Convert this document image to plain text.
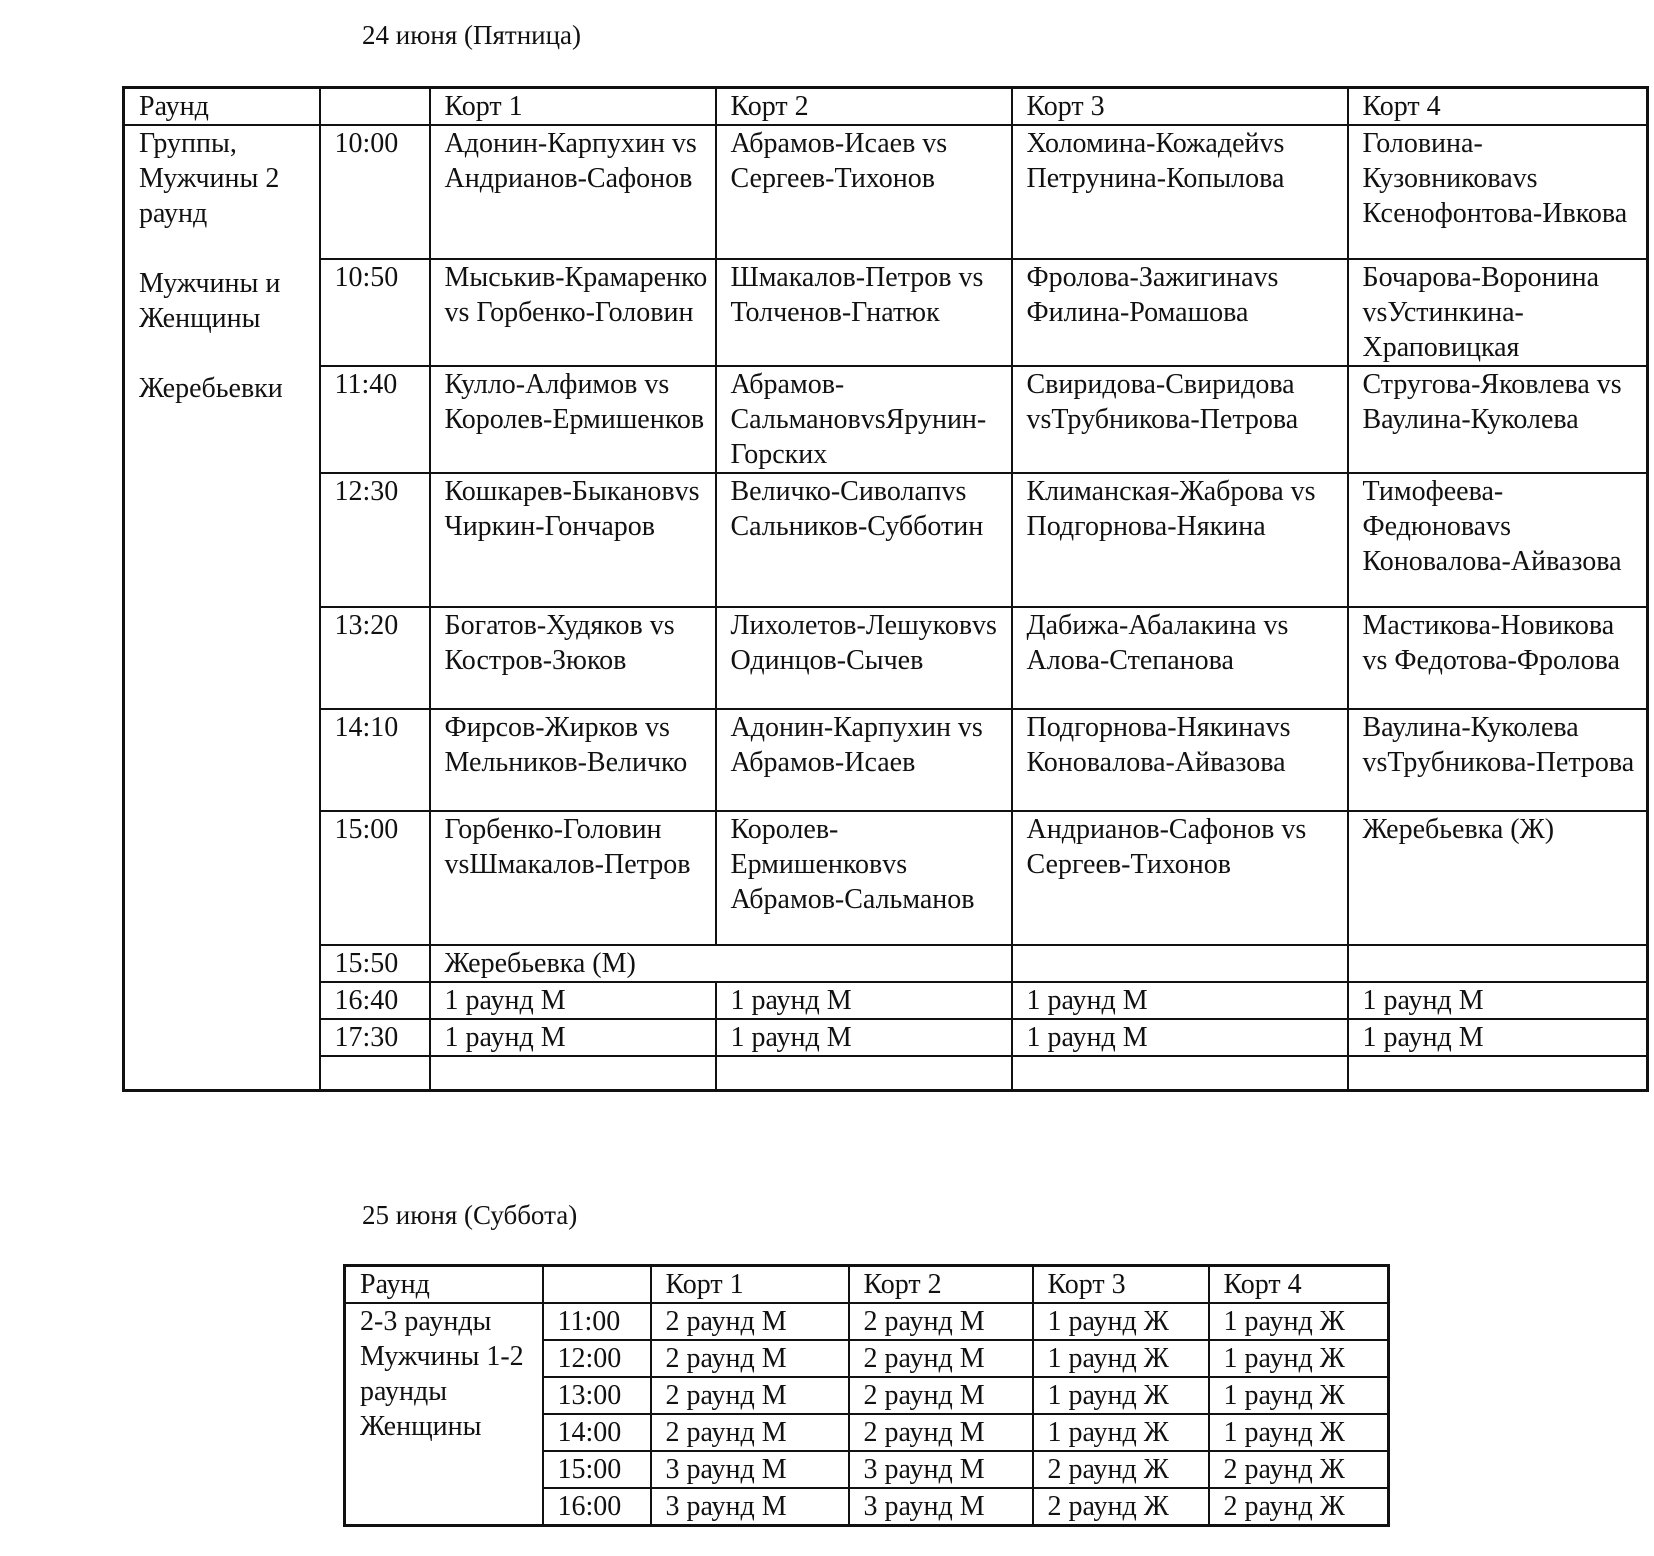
24 июня (Пятница)
Раунд		Корт 1	Корт 2	Корт 3	Корт 4
Группы, Мужчины 2 раунд
Мужчины и Женщины
Жеребьевки	10:00	Адонин-Карпухин vs Андрианов-Сафонов	Абрамов-Исаев vs Сергеев-Тихонов	Холомина-Кожадейvs Петрунина-Копылова	Головина-Кузовниковаvs Ксенофонтова-Ивкова
	10:50	Мыськив-Крамаренко vs Горбенко-Головин	Шмакалов-Петров vs Толченов-Гнатюк	Фролова-Зажигинаvs Филина-Ромашова	Бочарова-Воронина vsУстинкина-Храповицкая
	11:40	Кулло-Алфимов vs Королев-Ермишенков	Абрамов-СальмановvsЯрунин-Горских	Свиридова-Свиридова vsТрубникова-Петрова	Стругова-Яковлева vs Ваулина-Куколева
	12:30	Кошкарев-Быкановvs Чиркин-Гончаров	Величко-Сиволапvs Сальников-Субботин	Климанская-Жаброва vs Подгорнова-Някина	Тимофеева-Федюноваvs Коновалова-Айвазова
	13:20	Богатов-Худяков vs Костров-Зюков	Лихолетов-Лешуковvs Одинцов-Сычев	Дабижа-Абалакина vs Алова-Степанова	Мастикова-Новикова vs Федотова-Фролова
	14:10	Фирсов-Жирков vs Мельников-Величко	Адонин-Карпухин vs Абрамов-Исаев	Подгорнова-Някинаvs Коновалова-Айвазова	Ваулина-Куколева vsТрубникова-Петрова
	15:00	Горбенко-Головин vsШмакалов-Петров	Королев-Ермишенковvs Абрамов-Сальманов	Андрианов-Сафонов vs Сергеев-Тихонов	Жеребьевка (Ж)
	15:50	Жеребьевка (М)			
	16:40	1 раунд М	1 раунд М	1 раунд М	1 раунд М
	17:30	1 раунд М	1 раунд М	1 раунд М	1 раунд М

25 июня (Суббота)
Раунд		Корт 1	Корт 2	Корт 3	Корт 4
2-3 раунды Мужчины 1-2 раунды Женщины	11:00	2 раунд М	2 раунд М	1 раунд Ж	1 раунд Ж
	12:00	2 раунд М	2 раунд М	1 раунд Ж	1 раунд Ж
	13:00	2 раунд М	2 раунд М	1 раунд Ж	1 раунд Ж
	14:00	2 раунд М	2 раунд М	1 раунд Ж	1 раунд Ж
	15:00	3 раунд М	3 раунд М	2 раунд Ж	2 раунд Ж
	16:00	3 раунд М	3 раунд М	2 раунд Ж	2 раунд Ж
